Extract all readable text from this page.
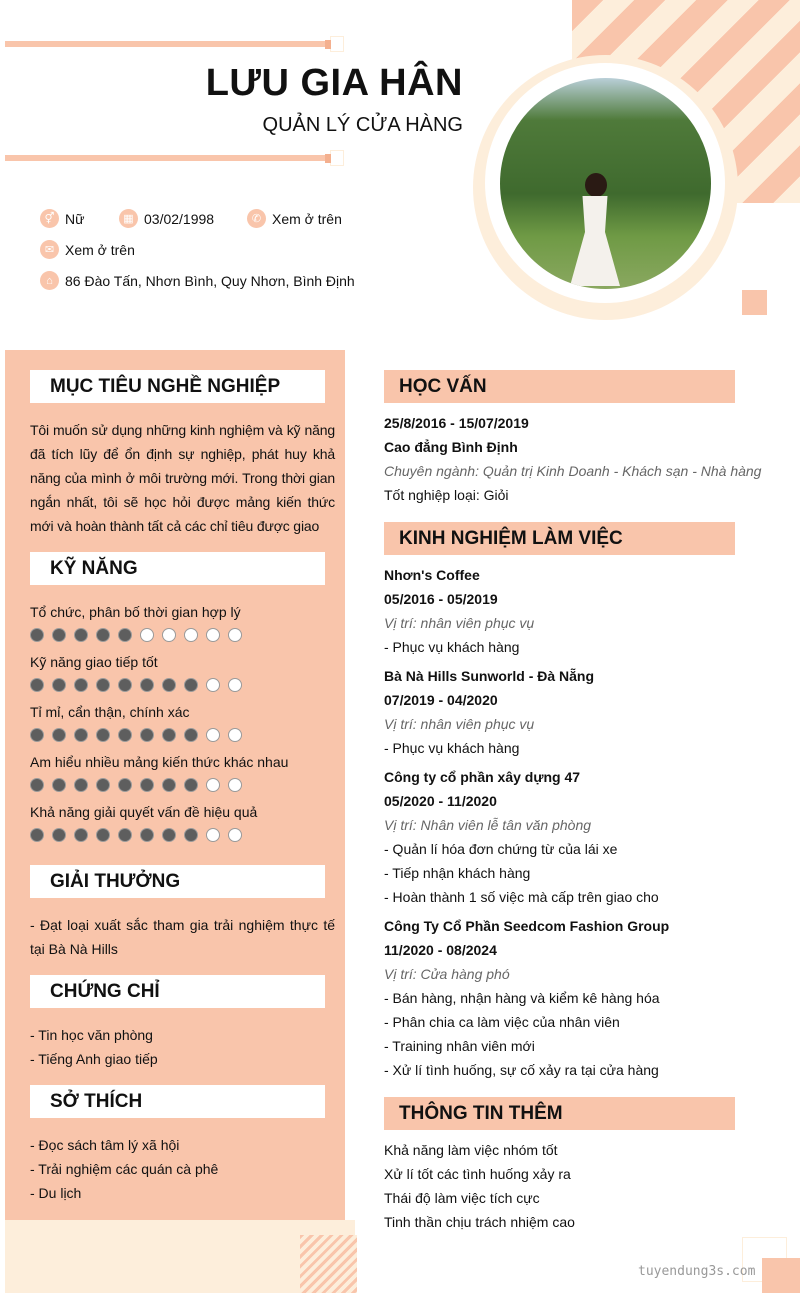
LƯU GIA HÂN
QUẢN LÝ CỬA HÀNG
⚥ Nữ	▦ 03/02/1998	✆ Xem ở trên
✉ Xem ở trên
⌂ 86 Đào Tấn, Nhơn Bình, Quy Nhơn, Bình Định
MỤC TIÊU NGHỀ NGHIỆP
Tôi muốn sử dụng những kinh nghiệm và kỹ năng đã tích lũy để ổn định sự nghiệp, phát huy khả năng của mình ở môi trường mới. Trong thời gian ngắn nhất, tôi sẽ học hỏi được mảng kiến thức mới và hoàn thành tất cả các chỉ tiêu được giao
KỸ NĂNG
Tổ chức, phân bố thời gian hợp lý
Kỹ năng giao tiếp tốt
Tỉ mỉ, cẩn thận, chính xác
Am hiểu nhiều mảng kiến thức khác nhau
Khả năng giải quyết vấn đề hiệu quả
GIẢI THƯỞNG
- Đạt loại xuất sắc tham gia trải nghiệm thực tế tại Bà Nà Hills
CHỨNG CHỈ
- Tin học văn phòng
- Tiếng Anh giao tiếp
SỞ THÍCH
- Đọc sách tâm lý xã hội
- Trải nghiệm các quán cà phê
- Du lịch
HỌC VẤN
25/8/2016 - 15/07/2019
Cao đẳng Bình Định
Chuyên ngành: Quản trị Kinh Doanh - Khách sạn - Nhà hàng
Tốt nghiệp loại: Giỏi
KINH NGHIỆM LÀM VIỆC
Nhơn's Coffee
05/2016 - 05/2019
Vị trí: nhân viên phục vụ
- Phục vụ khách hàng
Bà Nà Hills Sunworld - Đà Nẵng
07/2019 - 04/2020
Vị trí: nhân viên phục vụ
- Phục vụ khách hàng
Công ty cổ phần xây dựng 47
05/2020 - 11/2020
Vị trí: Nhân viên lễ tân văn phòng
- Quản lí hóa đơn chứng từ của lái xe
- Tiếp nhận khách hàng
- Hoàn thành 1 số việc mà cấp trên giao cho
Công Ty Cổ Phần Seedcom Fashion Group
11/2020 - 08/2024
Vị trí: Cửa hàng phó
- Bán hàng, nhận hàng và kiểm kê hàng hóa
- Phân chia ca làm việc của nhân viên
- Training nhân viên mới
- Xử lí tình huống, sự cố xảy ra tại cửa hàng
THÔNG TIN THÊM
Khả năng làm việc nhóm tốt
Xử lí tốt các tình huống xảy ra
Thái độ làm việc tích cực
Tinh thần chịu trách nhiệm cao
tuyendung3s.com
